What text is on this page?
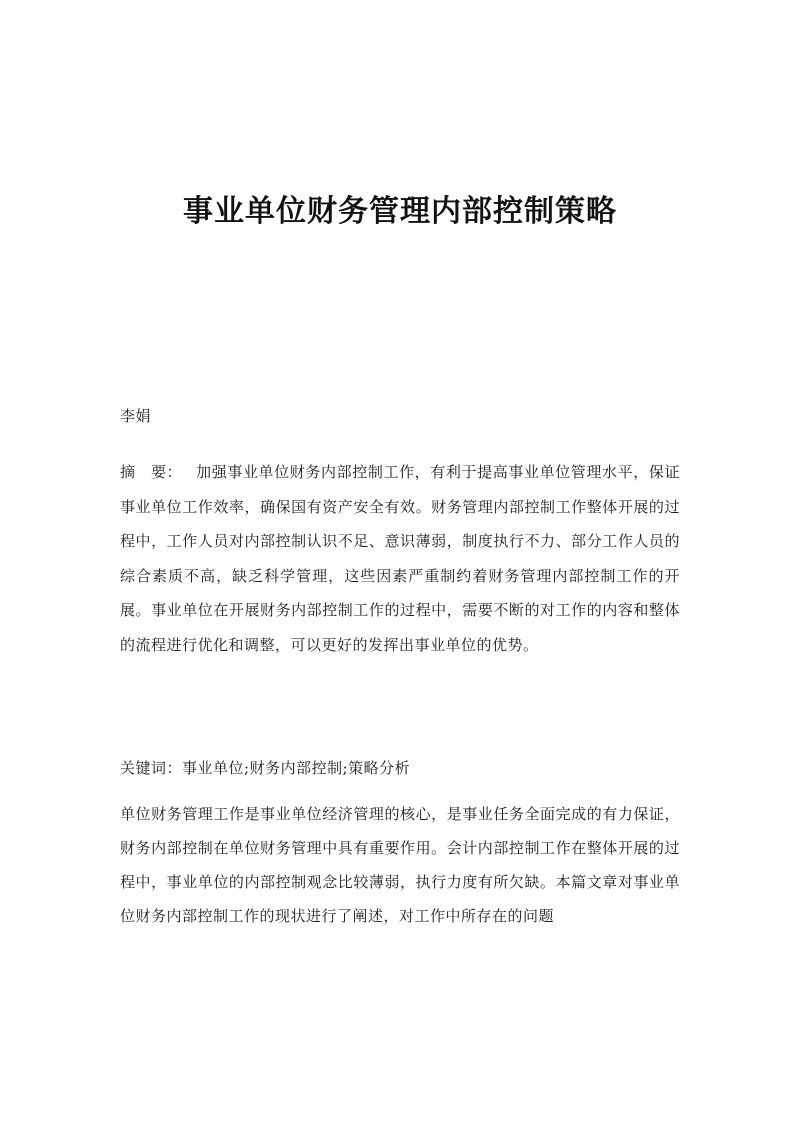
事业单位财务管理内部控制策略

李娟

摘　要： 加强事业单位财务内部控制工作，有利于提高事业单位管理水平，保证事业单位工作效率，确保国有资产安全有效。财务管理内部控制工作整体开展的过程中，工作人员对内部控制认识不足、意识薄弱，制度执行不力、部分工作人员的综合素质不高，缺乏科学管理，这些因素严重制约着财务管理内部控制工作的开展。事业单位在开展财务内部控制工作的过程中，需要不断的对工作的内容和整体的流程进行优化和调整，可以更好的发挥出事业单位的优势。

关键词：事业单位;财务内部控制;策略分析

单位财务管理工作是事业单位经济管理的核心，是事业任务全面完成的有力保证，财务内部控制在单位财务管理中具有重要作用。会计内部控制工作在整体开展的过程中，事业单位的内部控制观念比较薄弱，执行力度有所欠缺。本篇文章对事业单位财务内部控制工作的现状进行了阐述，对工作中所存在的问题
